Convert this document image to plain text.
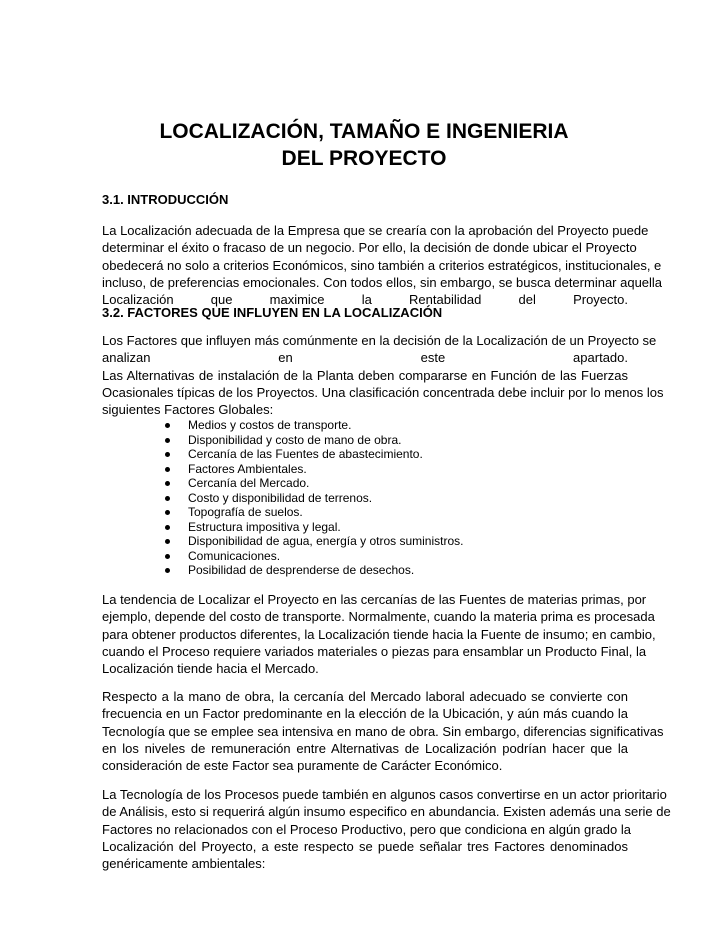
LOCALIZACIÓN, TAMAÑO E INGENIERIA
DEL PROYECTO
3.1. INTRODUCCIÓN
La Localización adecuada de la Empresa que se crearía con la aprobación del Proyecto puede
determinar el éxito o fracaso de un negocio. Por ello, la decisión de donde ubicar el Proyecto
obedecerá no solo a criterios Económicos, sino también a criterios estratégicos, institucionales, e
incluso, de preferencias emocionales. Con todos ellos, sin embargo, se busca determinar aquella
Localización que maximice la Rentabilidad del Proyecto.
3.2. FACTORES QUE INFLUYEN EN LA LOCALIZACIÓN
Los Factores que influyen más comúnmente en la decisión de la Localización de un Proyecto se
analizan en este apartado.
Las Alternativas de instalación de la Planta deben compararse en Función de las Fuerzas
Ocasionales típicas de los Proyectos. Una clasificación concentrada debe incluir por lo menos los
siguientes Factores Globales:
Medios y costos de transporte.
Disponibilidad y costo de mano de obra.
Cercanía de las Fuentes de abastecimiento.
Factores Ambientales.
Cercanía del Mercado.
Costo y disponibilidad de terrenos.
Topografía de suelos.
Estructura impositiva y legal.
Disponibilidad de agua, energía y otros suministros.
Comunicaciones.
Posibilidad de desprenderse de desechos.
La tendencia de Localizar el Proyecto en las cercanías de las Fuentes de materias primas, por
ejemplo, depende del costo de transporte. Normalmente, cuando la materia prima es procesada
para obtener productos diferentes, la Localización tiende hacia la Fuente de insumo; en cambio,
cuando el Proceso requiere variados materiales o piezas para ensamblar un Producto Final, la
Localización tiende hacia el Mercado.
Respecto a la mano de obra, la cercanía del Mercado laboral adecuado se convierte con
frecuencia en un Factor predominante en la elección de la Ubicación, y aún más cuando la
Tecnología que se emplee sea intensiva en mano de obra. Sin embargo, diferencias significativas
en los niveles de remuneración entre Alternativas de Localización podrían hacer que la
consideración de este Factor sea puramente de Carácter Económico.
La Tecnología de los Procesos puede también en algunos casos convertirse en un actor prioritario
de Análisis, esto si requerirá algún insumo especifico en abundancia. Existen además una serie de
Factores no relacionados con el Proceso Productivo, pero que condiciona en algún grado la
Localización del Proyecto, a este respecto se puede señalar tres Factores denominados
genéricamente ambientales:
